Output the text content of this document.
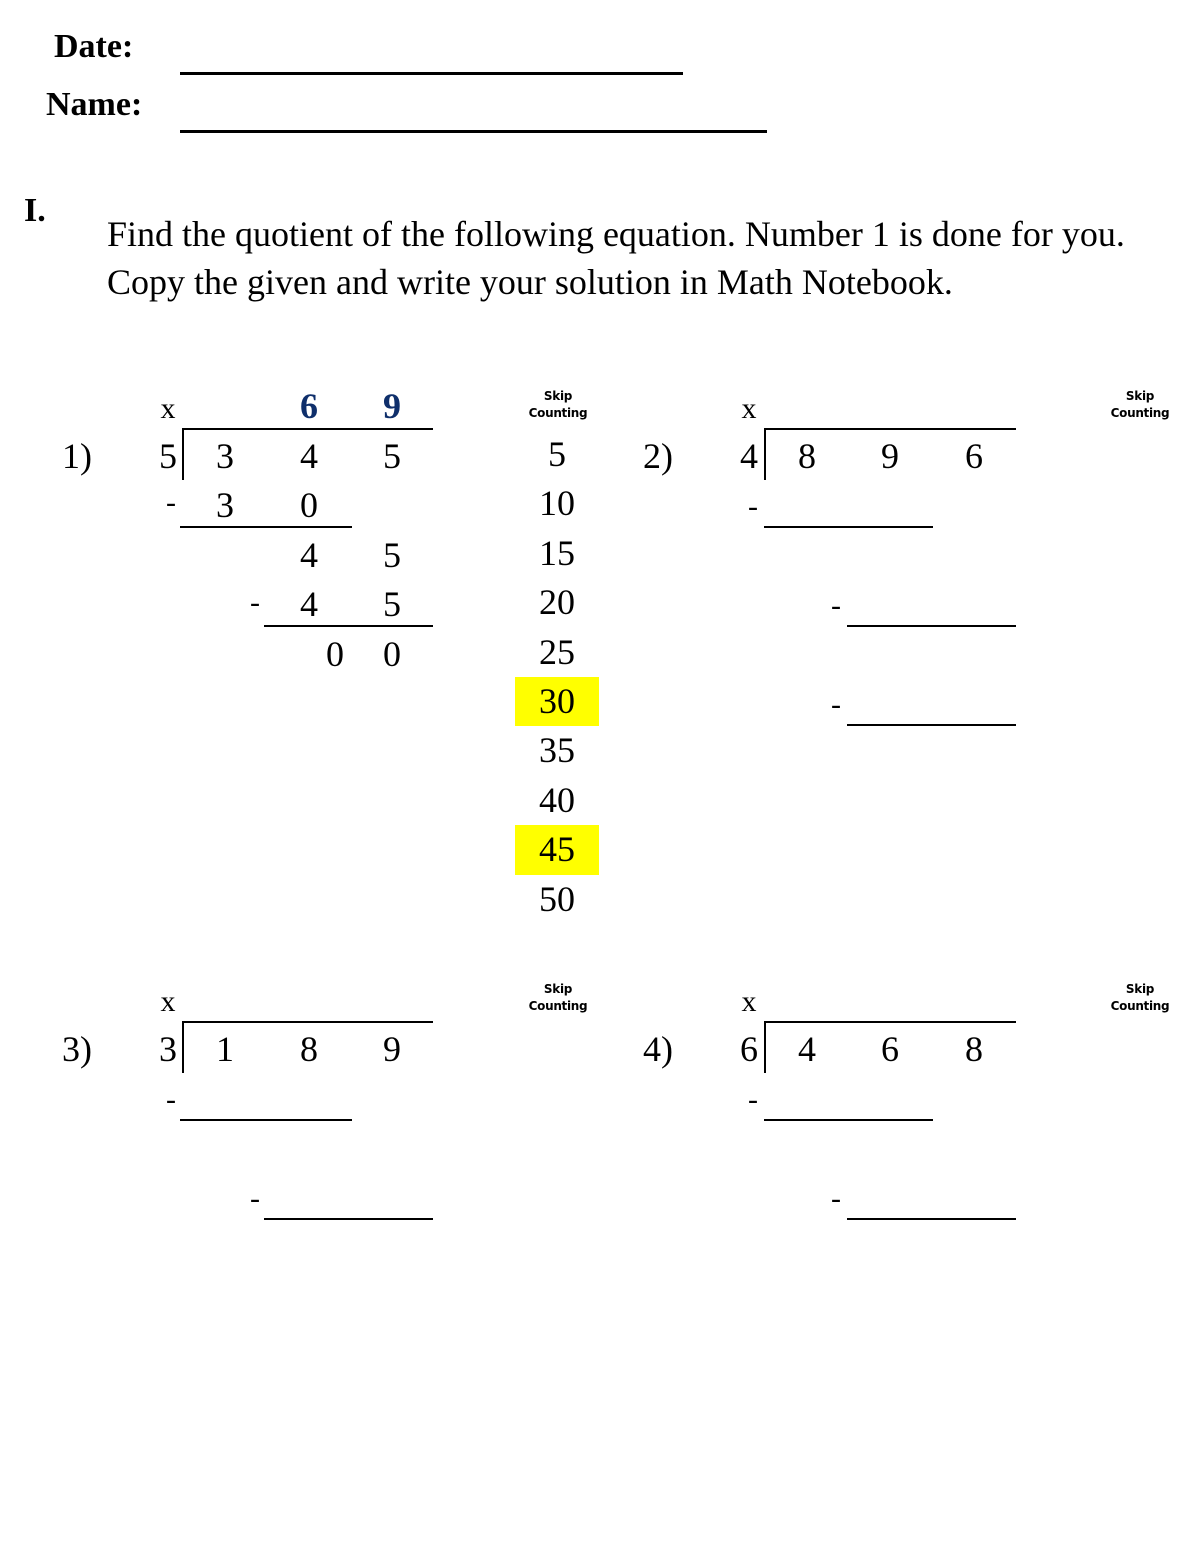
Date:
Name:
I.
Find the quotient of the following equation. Number 1 is done for you. Copy the given and write your solution in Math Notebook.
x	6	9
1)	5	3	4	5
-	3	0
4	5
-	4	5
0	0
Skip Counting
5
10
15
20
25
30
35
40
45
50
x	Skip Counting
2)	4	8	9	6
-
-
-
x	Skip Counting
3)	3	1	8	9
-
-
x	Skip Counting
4)	6	4	6	8
-
-
